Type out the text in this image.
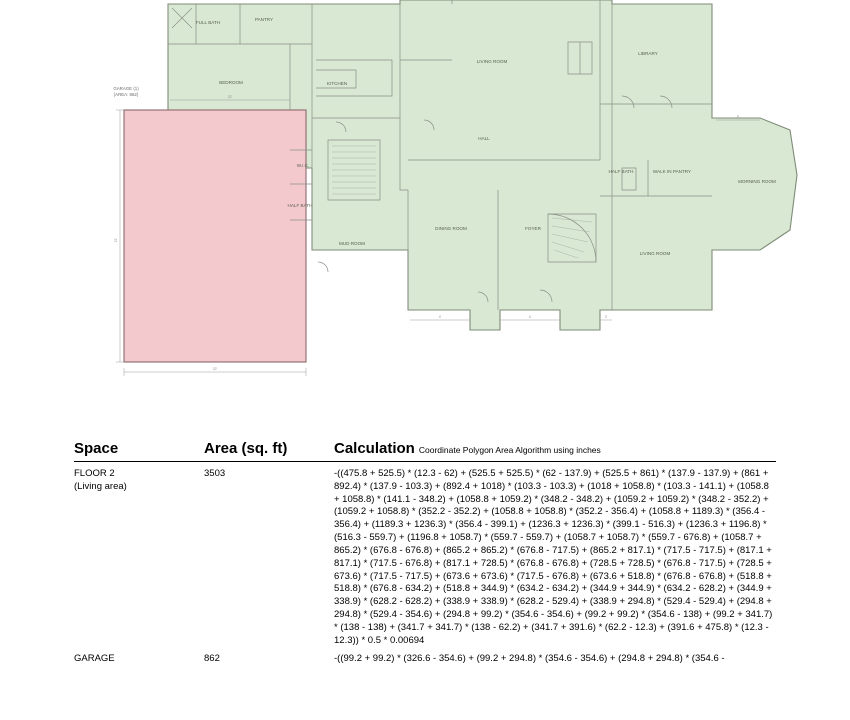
GARAGE (1)
(AREA: 862)
FULL BATH
PANTRY
BEDROOM	KITCHEN
LIVING ROOM
LIBRARY
HALL
W.I.C.
HALF BATH
MUD ROOM
DINING ROOM	FOYER
HALF BATH	WALK IN PANTRY
MORNING ROOM
LIVING ROOM
22'
21'
22'
4'	4'	3'
8'
Space	Area (sq. ft)	Calculation Coordinate Polygon Area Algorithm using inches
FLOOR 2
(Living area)	3503	-((475.8 + 525.5) * (12.3 - 62) + (525.5 + 525.5) * (62 - 137.9) + (525.5 + 861) * (137.9 - 137.9) + (861 + 892.4) * (137.9 - 103.3) + (892.4 + 1018) * (103.3 - 103.3) + (1018 + 1058.8) * (103.3 - 141.1) + (1058.8 + 1058.8) * (141.1 - 348.2) + (1058.8 + 1059.2) * (348.2 - 348.2) + (1059.2 + 1059.2) * (348.2 - 352.2) + (1059.2 + 1058.8) * (352.2 - 352.2) + (1058.8 + 1058.8) * (352.2 - 356.4) + (1058.8 + 1189.3) * (356.4 - 356.4) + (1189.3 + 1236.3) * (356.4 - 399.1) + (1236.3 + 1236.3) * (399.1 - 516.3) + (1236.3 + 1196.8) * (516.3 - 559.7) + (1196.8 + 1058.7) * (559.7 - 559.7) + (1058.7 + 1058.7) * (559.7 - 676.8) + (1058.7 + 865.2) * (676.8 - 676.8) + (865.2 + 865.2) * (676.8 - 717.5) + (865.2 + 817.1) * (717.5 - 717.5) + (817.1 + 817.1) * (717.5 - 676.8) + (817.1 + 728.5) * (676.8 - 676.8) + (728.5 + 728.5) * (676.8 - 717.5) + (728.5 + 673.6) * (717.5 - 717.5) + (673.6 + 673.6) * (717.5 - 676.8) + (673.6 + 518.8) * (676.8 - 676.8) + (518.8 + 518.8) * (676.8 - 634.2) + (518.8 + 344.9) * (634.2 - 634.2) + (344.9 + 344.9) * (634.2 - 628.2) + (344.9 + 338.9) * (628.2 - 628.2) + (338.9 + 338.9) * (628.2 - 529.4) + (338.9 + 294.8) * (529.4 - 529.4) + (294.8 + 294.8) * (529.4 - 354.6) + (294.8 + 99.2) * (354.6 - 354.6) + (99.2 + 99.2) * (354.6 - 138) + (99.2 + 341.7) * (138 - 138) + (341.7 + 341.7) * (138 - 62.2) + (341.7 + 391.6) * (62.2 - 12.3) + (391.6 + 475.8) * (12.3 - 12.3)) * 0.5 * 0.00694
GARAGE	862	-((99.2 + 99.2) * (326.6 - 354.6) + (99.2 + 294.8) * (354.6 - 354.6) + (294.8 + 294.8) * (354.6 -
